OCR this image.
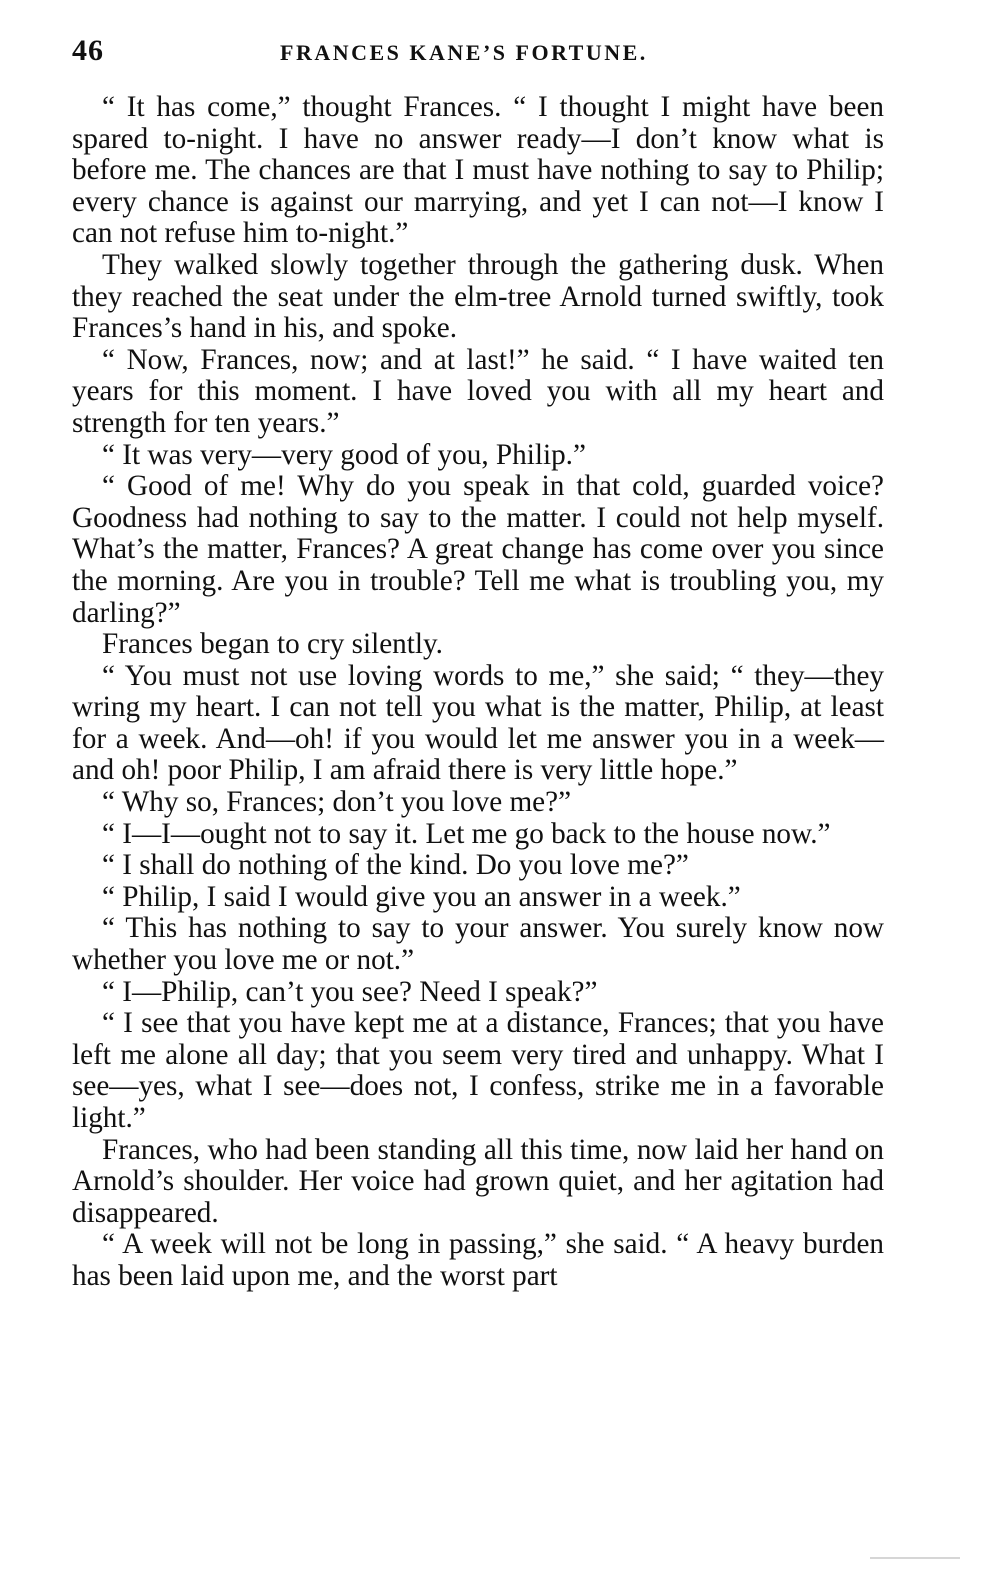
46	FRANCES KANE’S FORTUNE.

“ It has come,” thought Frances. “ I thought I might have been spared to-night. I have no answer ready—I don’t know what is before me. The chances are that I must have nothing to say to Philip; every chance is against our marrying, and yet I can not—I know I can not refuse him to-night.”

They walked slowly together through the gathering dusk. When they reached the seat under the elm-tree Arnold turned swiftly, took Frances’s hand in his, and spoke.

“ Now, Frances, now; and at last!” he said. “ I have waited ten years for this moment. I have loved you with all my heart and strength for ten years.”

“ It was very—very good of you, Philip.”

“ Good of me! Why do you speak in that cold, guarded voice? Goodness had nothing to say to the matter. I could not help myself. What’s the matter, Frances? A great change has come over you since the morning. Are you in trouble? Tell me what is troubling you, my darling?”

Frances began to cry silently.

“ You must not use loving words to me,” she said; “ they—they wring my heart. I can not tell you what is the matter, Philip, at least for a week. And—oh! if you would let me answer you in a week—and oh! poor Philip, I am afraid there is very little hope.”

“ Why so, Frances; don’t you love me?”

“ I—I—ought not to say it. Let me go back to the house now.”

“ I shall do nothing of the kind. Do you love me?”

“ Philip, I said I would give you an answer in a week.”

“ This has nothing to say to your answer. You surely know now whether you love me or not.”

“ I—Philip, can’t you see? Need I speak?”

“ I see that you have kept me at a distance, Frances; that you have left me alone all day; that you seem very tired and unhappy. What I see—yes, what I see—does not, I confess, strike me in a favorable light.”

Frances, who had been standing all this time, now laid her hand on Arnold’s shoulder. Her voice had grown quiet, and her agitation had disappeared.

“ A week will not be long in passing,” she said. “ A heavy burden has been laid upon me, and the worst part
